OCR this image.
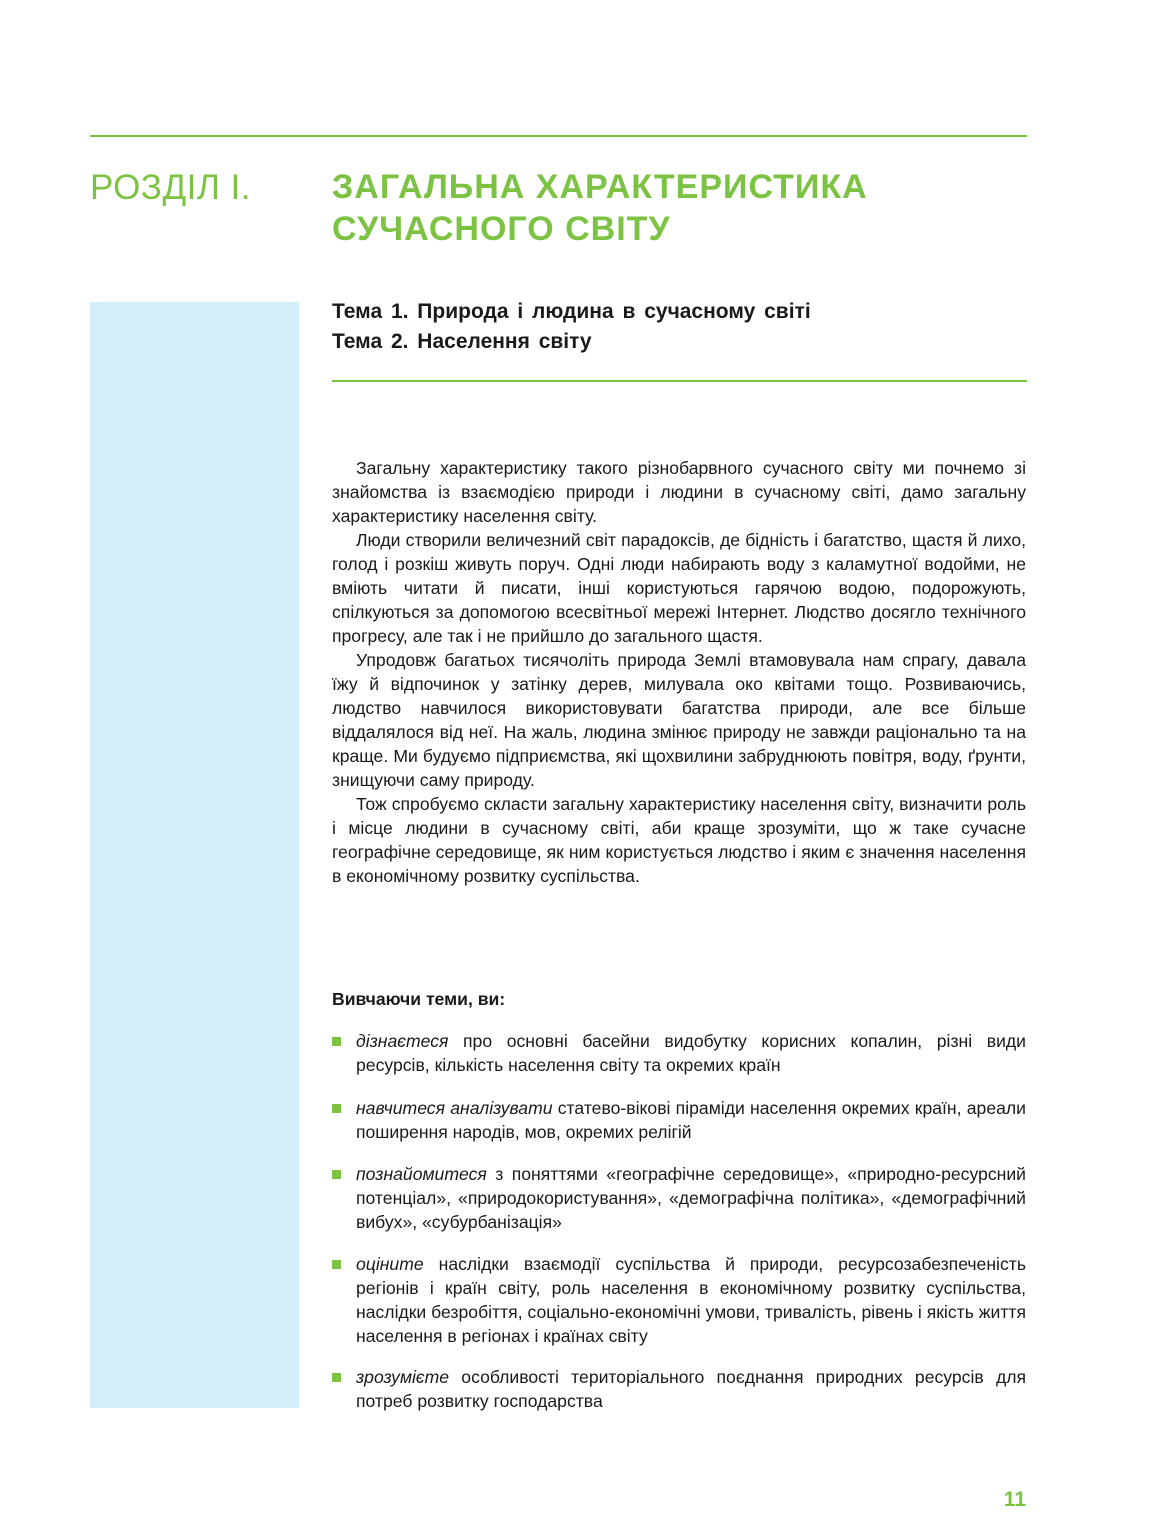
РОЗДІЛ І. ЗАГАЛЬНА ХАРАКТЕРИСТИКА
СУЧАСНОГО СВІТУ
Тема 1. Природа і людина в сучасному світі
Тема 2. Населення світу

Загальну характеристику такого різнобарвного сучасного світу ми почнемо зі знайомства із взаємодією природи і людини в сучасному світі, дамо загальну характеристику населення світу.

Люди створили величезний світ парадоксів, де бідність і багатство, щастя й лихо, голод і розкіш живуть поруч. Одні люди набирають воду з каламутної водойми, не вміють читати й писати, інші користуються гарячою водою, подорожують, спілкуються за допомогою всесвітньої мережі Інтернет. Людство досягло технічного прогресу, але так і не прийшло до загального щастя.

Упродовж багатьох тисячоліть природа Землі втамовувала нам спрагу, давала їжу й відпочинок у затінку дерев, милувала око квітами тощо. Розвиваючись, людство навчилося використовувати багатства природи, але все більше віддалялося від неї. На жаль, людина змінює природу не завжди раціонально та на краще. Ми будуємо підприємства, які щохвилини забруднюють повітря, воду, ґрунти, знищуючи саму природу.

Тож спробуємо скласти загальну характеристику населення світу, визначити роль і місце людини в сучасному світі, аби краще зрозуміти, що ж таке сучасне географічне середовище, як ним користується людство і яким є значення населення в економічному розвитку суспільства.

Вивчаючи теми, ви:

дізнаєтеся про основні басейни видобутку корисних копалин, різні види ресурсів, кількість населення світу та окремих країн

навчитеся аналізувати статево-вікові піраміди населення окремих країн, ареали поширення народів, мов, окремих релігій

познайомитеся з поняттями «географічне середовище», «природно-ресурсний потенціал», «природокористування», «демографічна політика», «демографічний вибух», «субурбанізація»

оціните наслідки взаємодії суспільства й природи, ресурсозабезпеченість регіонів і країн світу, роль населення в економічному розвитку суспільства, наслідки безробіття, соціально-економічні умови, тривалість, рівень і якість життя населення в регіонах і країнах світу

зрозумієте особливості територіального поєднання природних ресурсів для потреб розвитку господарства

11
